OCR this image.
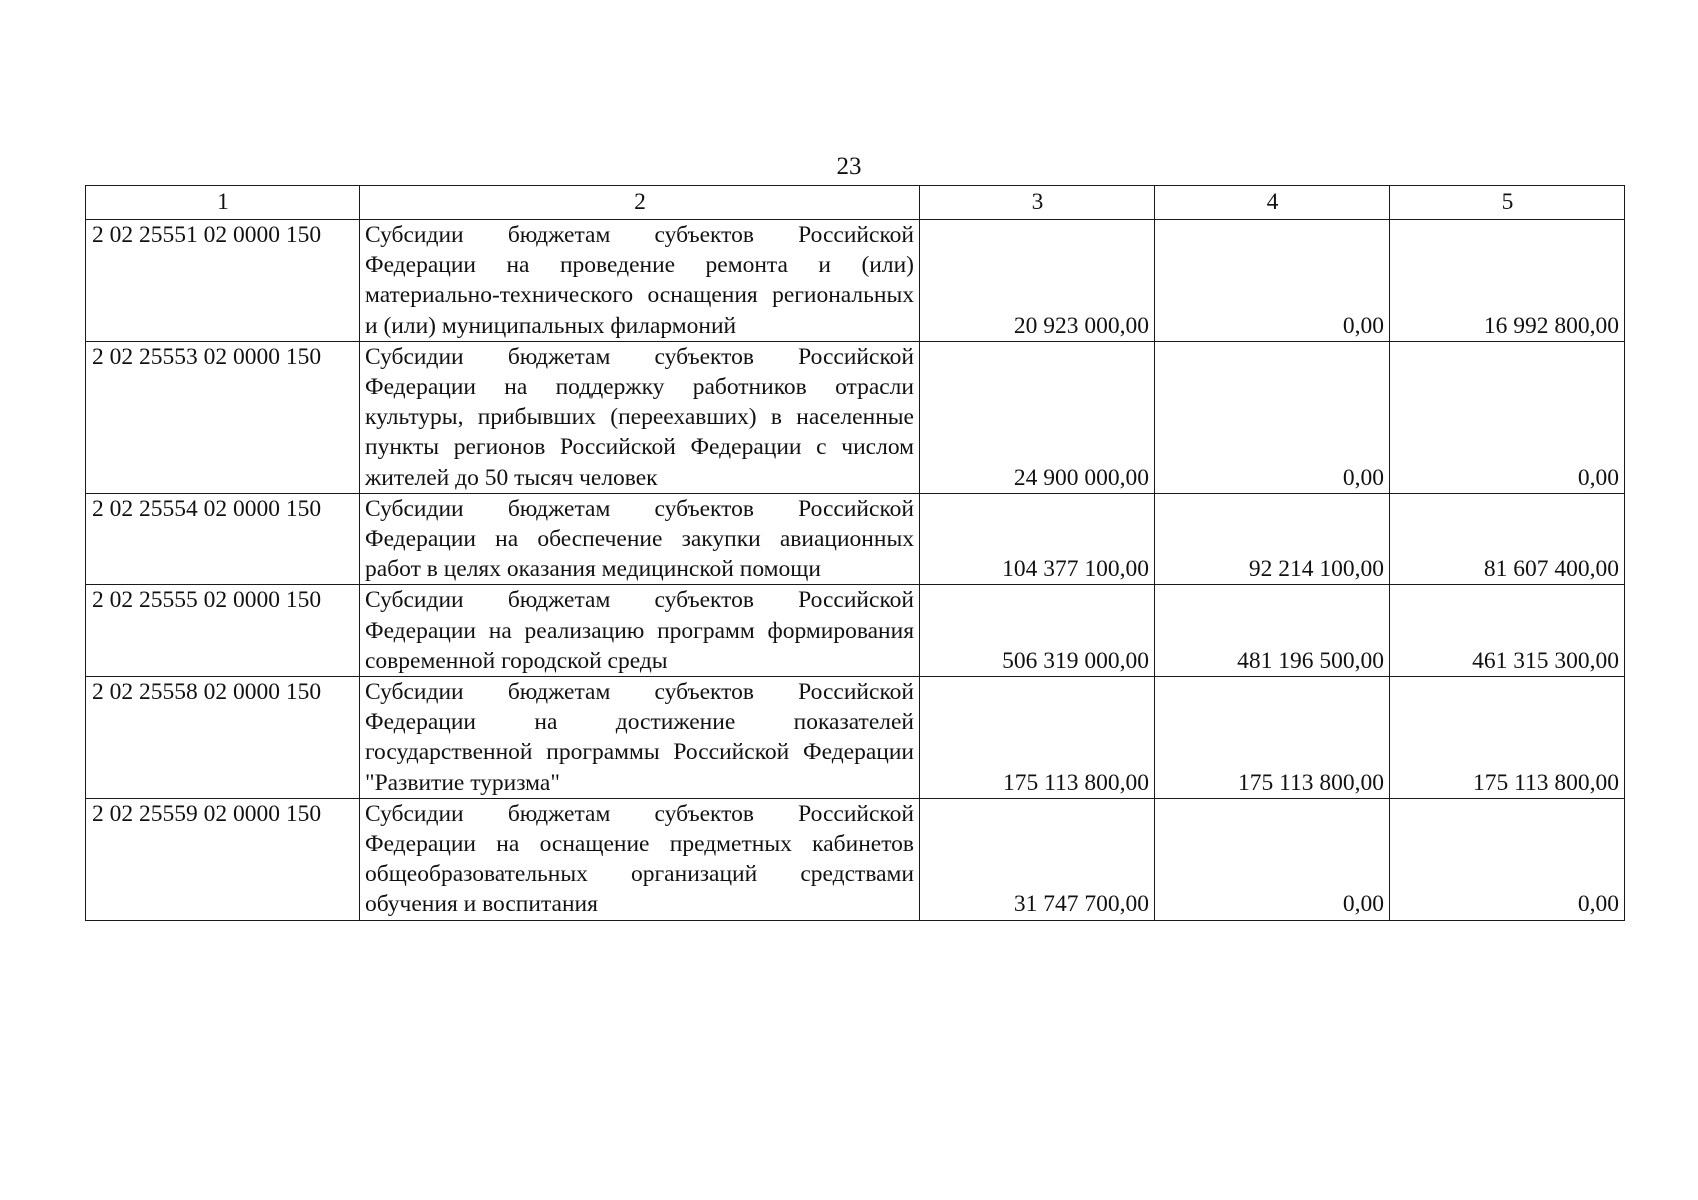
23
1	2	3	4	5
2 02 25551 02 0000 150	Субсидии бюджетам субъектов Российской Федерации на проведение ремонта и (или) материально-технического оснащения региональных и (или) муниципальных филармоний	20 923 000,00	0,00	16 992 800,00
2 02 25553 02 0000 150	Субсидии бюджетам субъектов Российской Федерации на поддержку работников отрасли культуры, прибывших (переехавших) в населенные пункты регионов Российской Федерации с числом жителей до 50 тысяч человек	24 900 000,00	0,00	0,00
2 02 25554 02 0000 150	Субсидии бюджетам субъектов Российской Федерации на обеспечение закупки авиационных работ в целях оказания медицинской помощи	104 377 100,00	92 214 100,00	81 607 400,00
2 02 25555 02 0000 150	Субсидии бюджетам субъектов Российской Федерации на реализацию программ формирования современной городской среды	506 319 000,00	481 196 500,00	461 315 300,00
2 02 25558 02 0000 150	Субсидии бюджетам субъектов Российской Федерации на достижение показателей государственной программы Российской Федерации "Развитие туризма"	175 113 800,00	175 113 800,00	175 113 800,00
2 02 25559 02 0000 150	Субсидии бюджетам субъектов Российской Федерации на оснащение предметных кабинетов общеобразовательных организаций средствами обучения и воспитания	31 747 700,00	0,00	0,00
